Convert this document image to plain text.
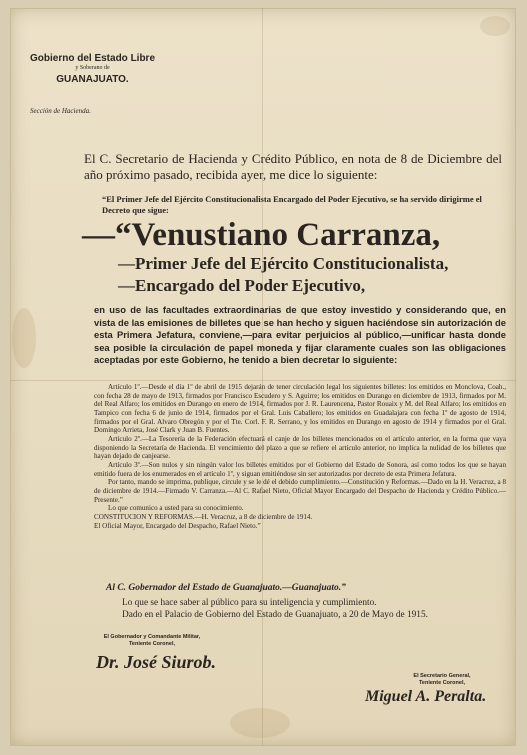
Gobierno del Estado Libre
y Soberano de
GUANAJUATO.
Sección de Hacienda.
El C. Secretario de Hacienda y Crédito Público, en nota de 8 de Diciembre del año próximo pasado, recibida ayer, me dice lo siguiente:
“El Primer Jefe del Ejército Constitucionalista Encargado del Poder Ejecutivo, se ha servido dirigirme el Decreto que sigue:
—“Venustiano Carranza,
—Primer Jefe del Ejército Constitucionalista,
—Encargado del Poder Ejecutivo,
en uso de las facultades extraordinarias de que estoy investido y considerando que, en vista de las emisiones de billetes que se han hecho y siguen haciéndose sin autorización de esta Primera Jefatura, conviene,—para evitar perjuicios al público,—unificar hasta donde sea posible la circulación de papel moneda y fijar claramente cuales son las obligaciones aceptadas por este Gobierno, he tenido a bien decretar lo siguiente:

Artículo 1º.—Desde el día 1º de abril de 1915 dejarán de tener circulación legal los siguientes billetes: los emitidos en Monclova, Coah., con fecha 28 de mayo de 1913, firmados por Francisco Escudero y S. Aguirre; los emitidos en Durango en diciembre de 1913, firmados por M. del Real Alfaro; los emitidos en Durango en enero de 1914, firmados por J. R. Laurencena, Pastor Rouaix y M. del Real Alfaro; los emitidos en Tampico con fecha 6 de junio de 1914, firmados por el Gral. Luis Caballero; los emitidos en Guadalajara con fecha 1º de agosto de 1914, firmados por el Gral. Alvaro Obregón y por el Tte. Corl. F. R. Serrano, y los emitidos en Durango en agosto de 1914 y firmados por el Gral. Domingo Arrieta, José Clark y Juan B. Fuentes.

Artículo 2º.—La Tesorería de la Federación efectuará el canje de los billetes mencionados en el artículo anterior, en la forma que vaya disponiendo la Secretaría de Hacienda. El vencimiento del plazo a que se refiere el artículo anterior, no implica la nulidad de los billetes que hayan dejado de canjearse.

Artículo 3º.—Son nulos y sin ningún valor los billetes emitidos por el Gobierno del Estado de Sonora, así como todos los que se hayan emitido fuera de los enumerados en el artículo 1º, y siguan emitiéndose sin ser autorizados por decreto de esta Primera Jefatura.

Por tanto, mando se imprima, publique, circule y se le dé el debido cumplimiento.—Constitución y Reformas.—Dado en la H. Veracruz, a 8 de diciembre de 1914.—Firmado V. Carranza.—Al C. Rafael Nieto, Oficial Mayor Encargado del Despacho de Hacienda y Crédito Público.—Presente.”

Lo que comunico a usted para su conocimiento.

CONSTITUCION Y REFORMAS.—H. Veracruz, a 8 de diciembre de 1914.

El Oficial Mayor, Encargado del Despacho, Rafael Nieto.”

Al C. Gobernador del Estado de Guanajuato.—Guanajuato.”
Lo que se hace saber al público para su inteligencia y cumplimiento.
Dado en el Palacio de Gobierno del Estado de Guanajuato, a 20 de Mayo de 1915.
El Gobernador y Comandante Militar,
Teniente Coronel,
Dr. José Siurob.
El Secretario General,
Teniente Coronel,
Miguel A. Peralta.
